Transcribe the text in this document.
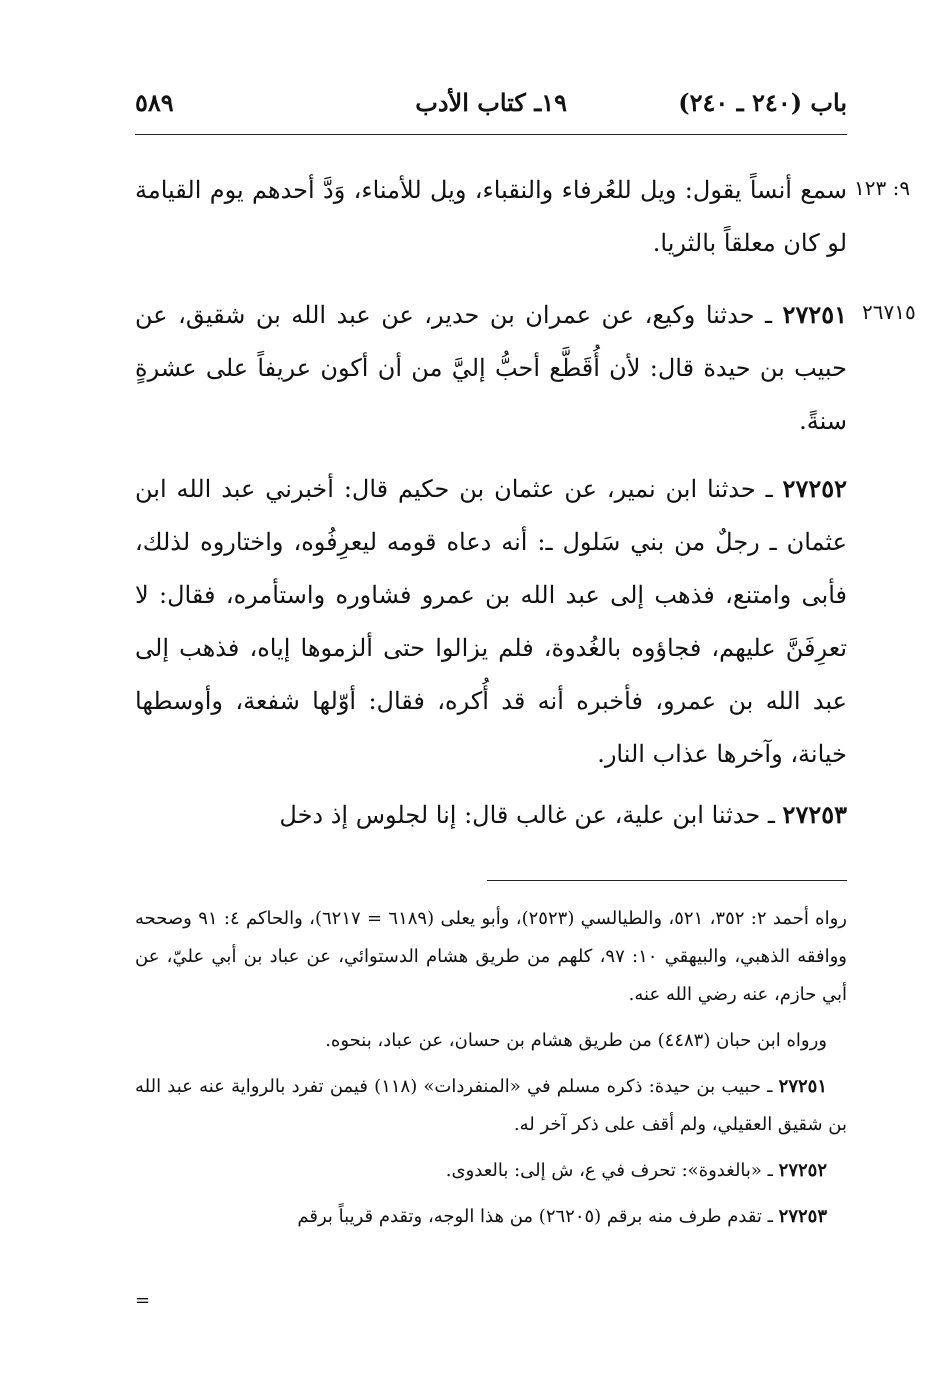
باب (٢٤٠ ـ ٢٤٠)
١٩ـ كتاب الأدب
٥٨٩
٩: ١٢٣
٢٦٧١٥

سمع أنساً يقول: ويل للعُرفاء والنقباء، ويل للأمناء، وَدَّ أحدهم يوم القيامة لو كان معلقاً بالثريا.

٢٧٢٥١ ـ حدثنا وكيع، عن عمران بن حدير، عن عبد الله بن شقيق، عن حبيب بن حيدة قال: لأن أُقَطَّع أحبُّ إليَّ من أن أكون عريفاً على عشرةٍ سنةً.

٢٧٢٥٢ ـ حدثنا ابن نمير، عن عثمان بن حكيم قال: أخبرني عبد الله ابن عثمان ـ رجلٌ من بني سَلول ـ: أنه دعاه قومه ليعرِفُوه، واختاروه لذلك، فأبى وامتنع، فذهب إلى عبد الله بن عمرو فشاوره واستأمره، فقال: لا تعرِفَنَّ عليهم، فجاؤوه بالغُدوة، فلم يزالوا حتى ألزموها إياه، فذهب إلى عبد الله بن عمرو، فأخبره أنه قد أُكره، فقال: أوّلها شفعة، وأوسطها خيانة، وآخرها عذاب النار.

٢٧٢٥٣ ـ حدثنا ابن علية، عن غالب قال: إنا لجلوس إذ دخل

رواه أحمد ٢: ٣٥٢، ٥٢١، والطيالسي (٢٥٢٣)، وأبو يعلى (٦١٨٩ = ٦٢١٧)، والحاكم ٤: ٩١ وصححه ووافقه الذهبي، والبيهقي ١٠: ٩٧، كلهم من طريق هشام الدستوائي، عن عباد بن أبي عليّ، عن أبي حازم، عنه رضي الله عنه.

ورواه ابن حبان (٤٤٨٣) من طريق هشام بن حسان، عن عباد، بنحوه.

٢٧٢٥١ ـ حبيب بن حيدة: ذكره مسلم في «المنفردات» (١١٨) فيمن تفرد بالرواية عنه عبد الله بن شقيق العقيلي، ولم أقف على ذكر آخر له.

٢٧٢٥٢ ـ «بالغدوة»: تحرف في ع، ش إلى: بالعدوى.

٢٧٢٥٣ ـ تقدم طرف منه برقم (٢٦٢٠٥) من هذا الوجه، وتقدم قريباً برقم

=
